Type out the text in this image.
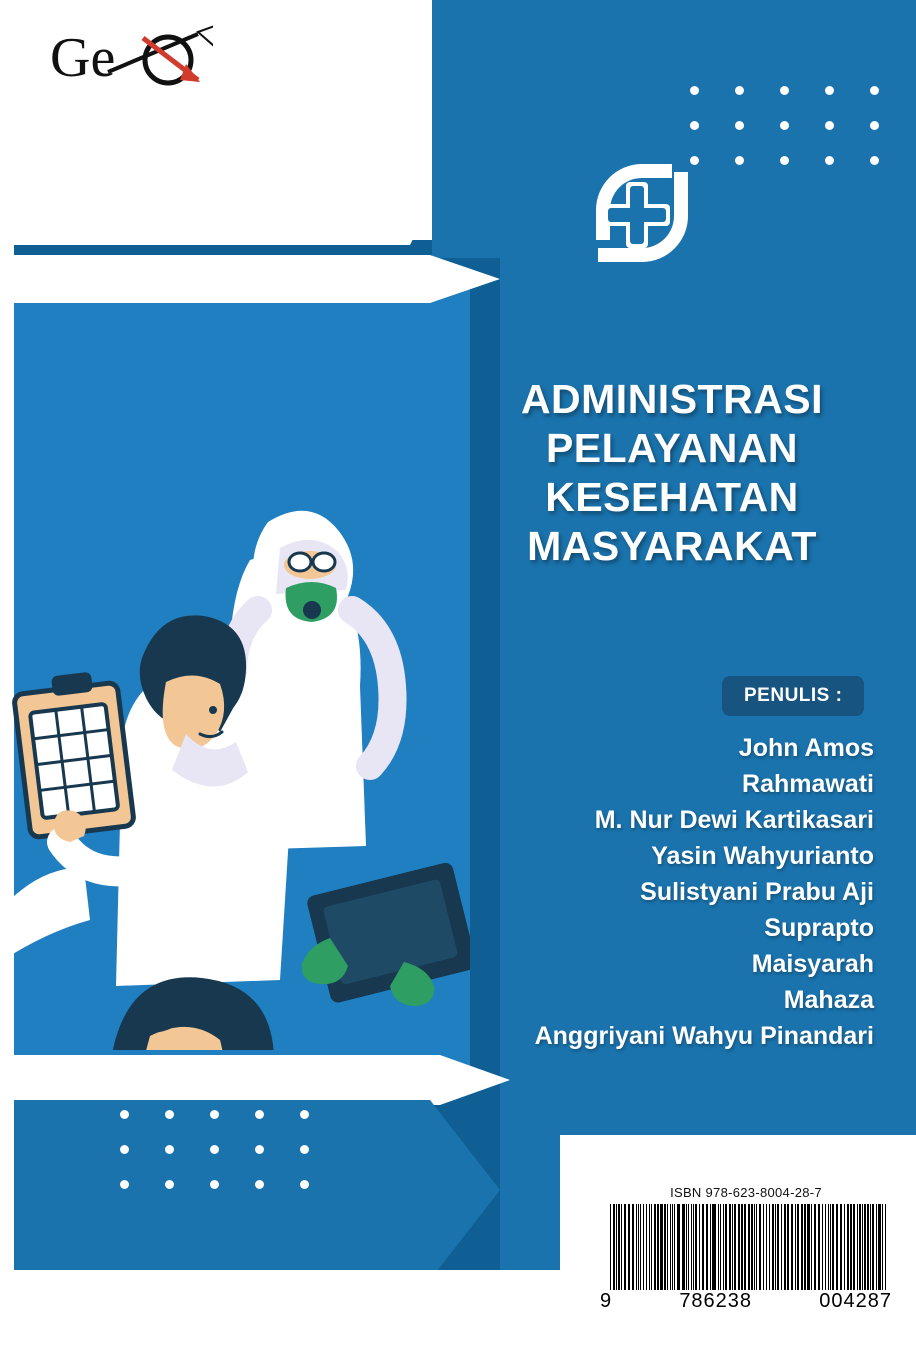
Ge
ADMINISTRASI
PELAYANAN
KESEHATAN
MASYARAKAT
PENULIS :
John Amos
Rahmawati
M. Nur Dewi Kartikasari
Yasin Wahyurianto
Sulistyani Prabu Aji
Suprapto
Maisyarah
Mahaza
Anggriyani Wahyu Pinandari
ISBN 978-623-8004-28-7
9	786238	004287
